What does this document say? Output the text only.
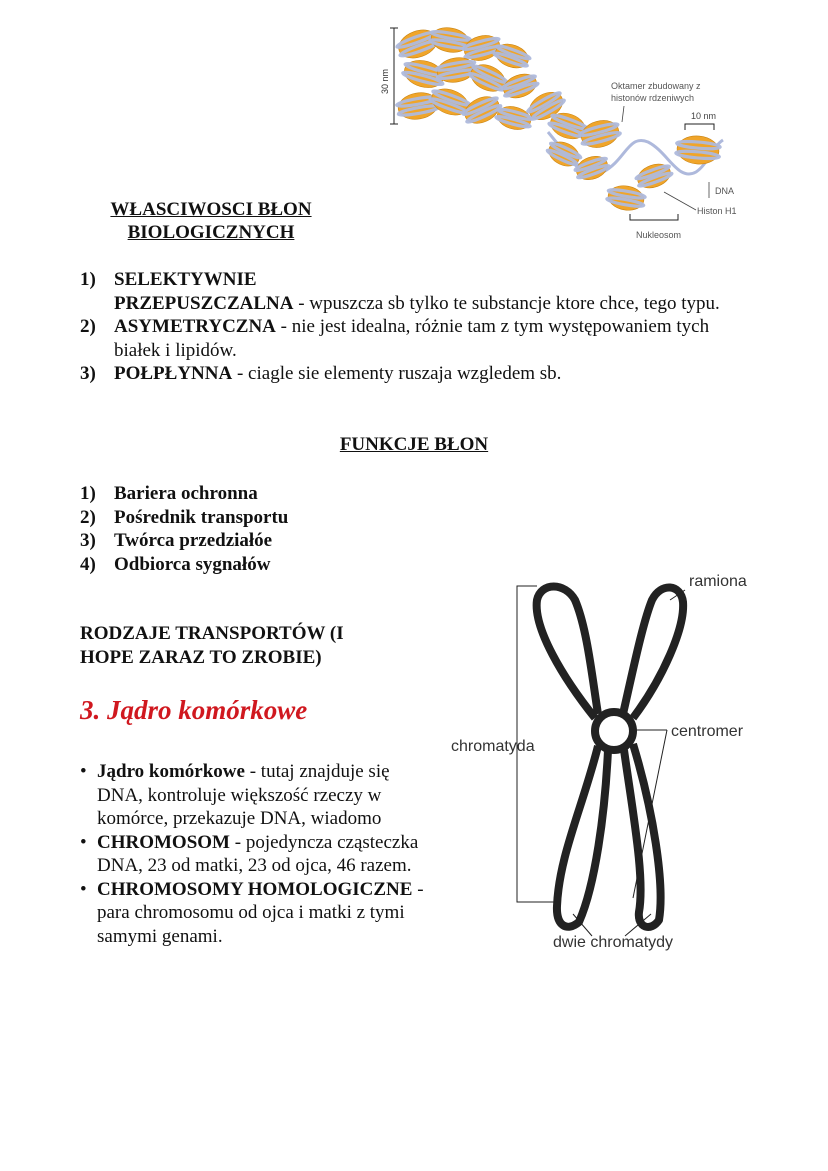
30 nm	Oktamer zbudowany z
histonów rdzeniwych
10 nm
DNA
Histon H1
Nukleosom
WŁASCIWOSCI BŁON
BIOLOGICZNYCH
1) SELEKTYWNIE
PRZEPUSZCZALNA - wpuszcza sb tylko te substancje ktore chce, tego typu.
2) ASYMETRYCZNA - nie jest idealna, różnie tam z tym występowaniem tych białek i lipidów.
3) POŁPŁYNNA - ciagle sie elementy ruszaja wzgledem sb.
FUNKCJE BŁON
1) Bariera ochronna
2) Pośrednik transportu
3) Twórca przedziałóe
4) Odbiorca sygnałów
RODZAJE TRANSPORTÓW (I
HOPE ZARAZ TO ZROBIE)
3. Jądro komórkowe
• Jądro komórkowe - tutaj znajduje się DNA, kontroluje większość rzeczy w komórce, przekazuje DNA, wiadomo
• CHROMOSOM - pojedyncza cząsteczka DNA, 23 od matki, 23 od ojca, 46 razem.
• CHROMOSOMY HOMOLOGICZNE - para chromosomu od ojca i matki z tymi samymi genami.
ramiona
chromatyda
centromer
dwie chromatydy
